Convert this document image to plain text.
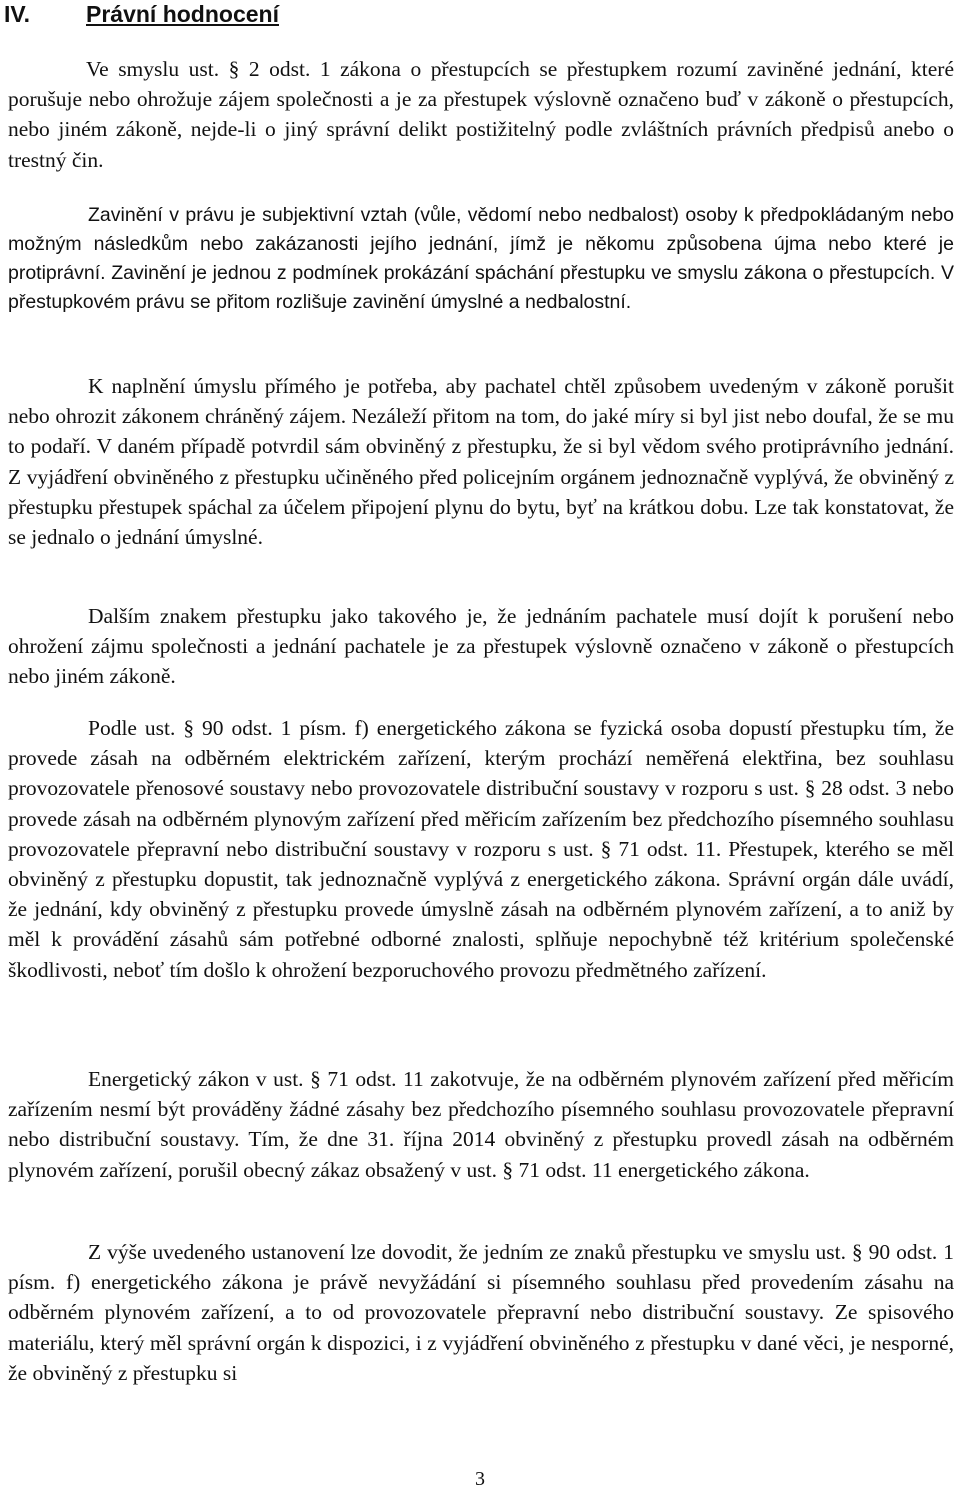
IV. Právní hodnocení

Ve smyslu ust. § 2 odst. 1 zákona o přestupcích se přestupkem rozumí zaviněné jednání, které porušuje nebo ohrožuje zájem společnosti a je za přestupek výslovně označeno buď v zákoně o přestupcích, nebo jiném zákoně, nejde-li o jiný správní delikt postižitelný podle zvláštních právních předpisů anebo o trestný čin.

Zavinění v právu je subjektivní vztah (vůle, vědomí nebo nedbalost) osoby k předpokládaným nebo možným následkům nebo zakázanosti jejího jednání, jímž je někomu způsobena újma nebo které je protiprávní. Zavinění je jednou z podmínek prokázání spáchání přestupku ve smyslu zákona o přestupcích. V přestupkovém právu se přitom rozlišuje zavinění úmyslné a nedbalostní.

K naplnění úmyslu přímého je potřeba, aby pachatel chtěl způsobem uvedeným v zákoně porušit nebo ohrozit zákonem chráněný zájem. Nezáleží přitom na tom, do jaké míry si byl jist nebo doufal, že se mu to podaří. V daném případě potvrdil sám obviněný z přestupku, že si byl vědom svého protiprávního jednání. Z vyjádření obviněného z přestupku učiněného před policejním orgánem jednoznačně vyplývá, že obviněný z přestupku přestupek spáchal za účelem připojení plynu do bytu, byť na krátkou dobu. Lze tak konstatovat, že se jednalo o jednání úmyslné.

Dalším znakem přestupku jako takového je, že jednáním pachatele musí dojít k porušení nebo ohrožení zájmu společnosti a jednání pachatele je za přestupek výslovně označeno v zákoně o přestupcích nebo jiném zákoně.

Podle ust. § 90 odst. 1 písm. f) energetického zákona se fyzická osoba dopustí přestupku tím, že provede zásah na odběrném elektrickém zařízení, kterým prochází neměřená elektřina, bez souhlasu provozovatele přenosové soustavy nebo provozovatele distribuční soustavy v rozporu s ust. § 28 odst. 3 nebo provede zásah na odběrném plynovým zařízení před měřicím zařízením bez předchozího písemného souhlasu provozovatele přepravní nebo distribuční soustavy v rozporu s ust. § 71 odst. 11. Přestupek, kterého se měl obviněný z přestupku dopustit, tak jednoznačně vyplývá z energetického zákona. Správní orgán dále uvádí, že jednání, kdy obviněný z přestupku provede úmyslně zásah na odběrném plynovém zařízení, a to aniž by měl k provádění zásahů sám potřebné odborné znalosti, splňuje nepochybně též kritérium společenské škodlivosti, neboť tím došlo k ohrožení bezporuchového provozu předmětného zařízení.

Energetický zákon v ust. § 71 odst. 11 zakotvuje, že na odběrném plynovém zařízení před měřicím zařízením nesmí být prováděny žádné zásahy bez předchozího písemného souhlasu provozovatele přepravní nebo distribuční soustavy. Tím, že dne 31. října 2014 obviněný z přestupku provedl zásah na odběrném plynovém zařízení, porušil obecný zákaz obsažený v ust. § 71 odst. 11 energetického zákona.

Z výše uvedeného ustanovení lze dovodit, že jedním ze znaků přestupku ve smyslu ust. § 90 odst. 1 písm. f) energetického zákona je právě nevyžádání si písemného souhlasu před provedením zásahu na odběrném plynovém zařízení, a to od provozovatele přepravní nebo distribuční soustavy. Ze spisového materiálu, který měl správní orgán k dispozici, i z vyjádření obviněného z přestupku v dané věci, je nesporné, že obviněný z přestupku si

3
